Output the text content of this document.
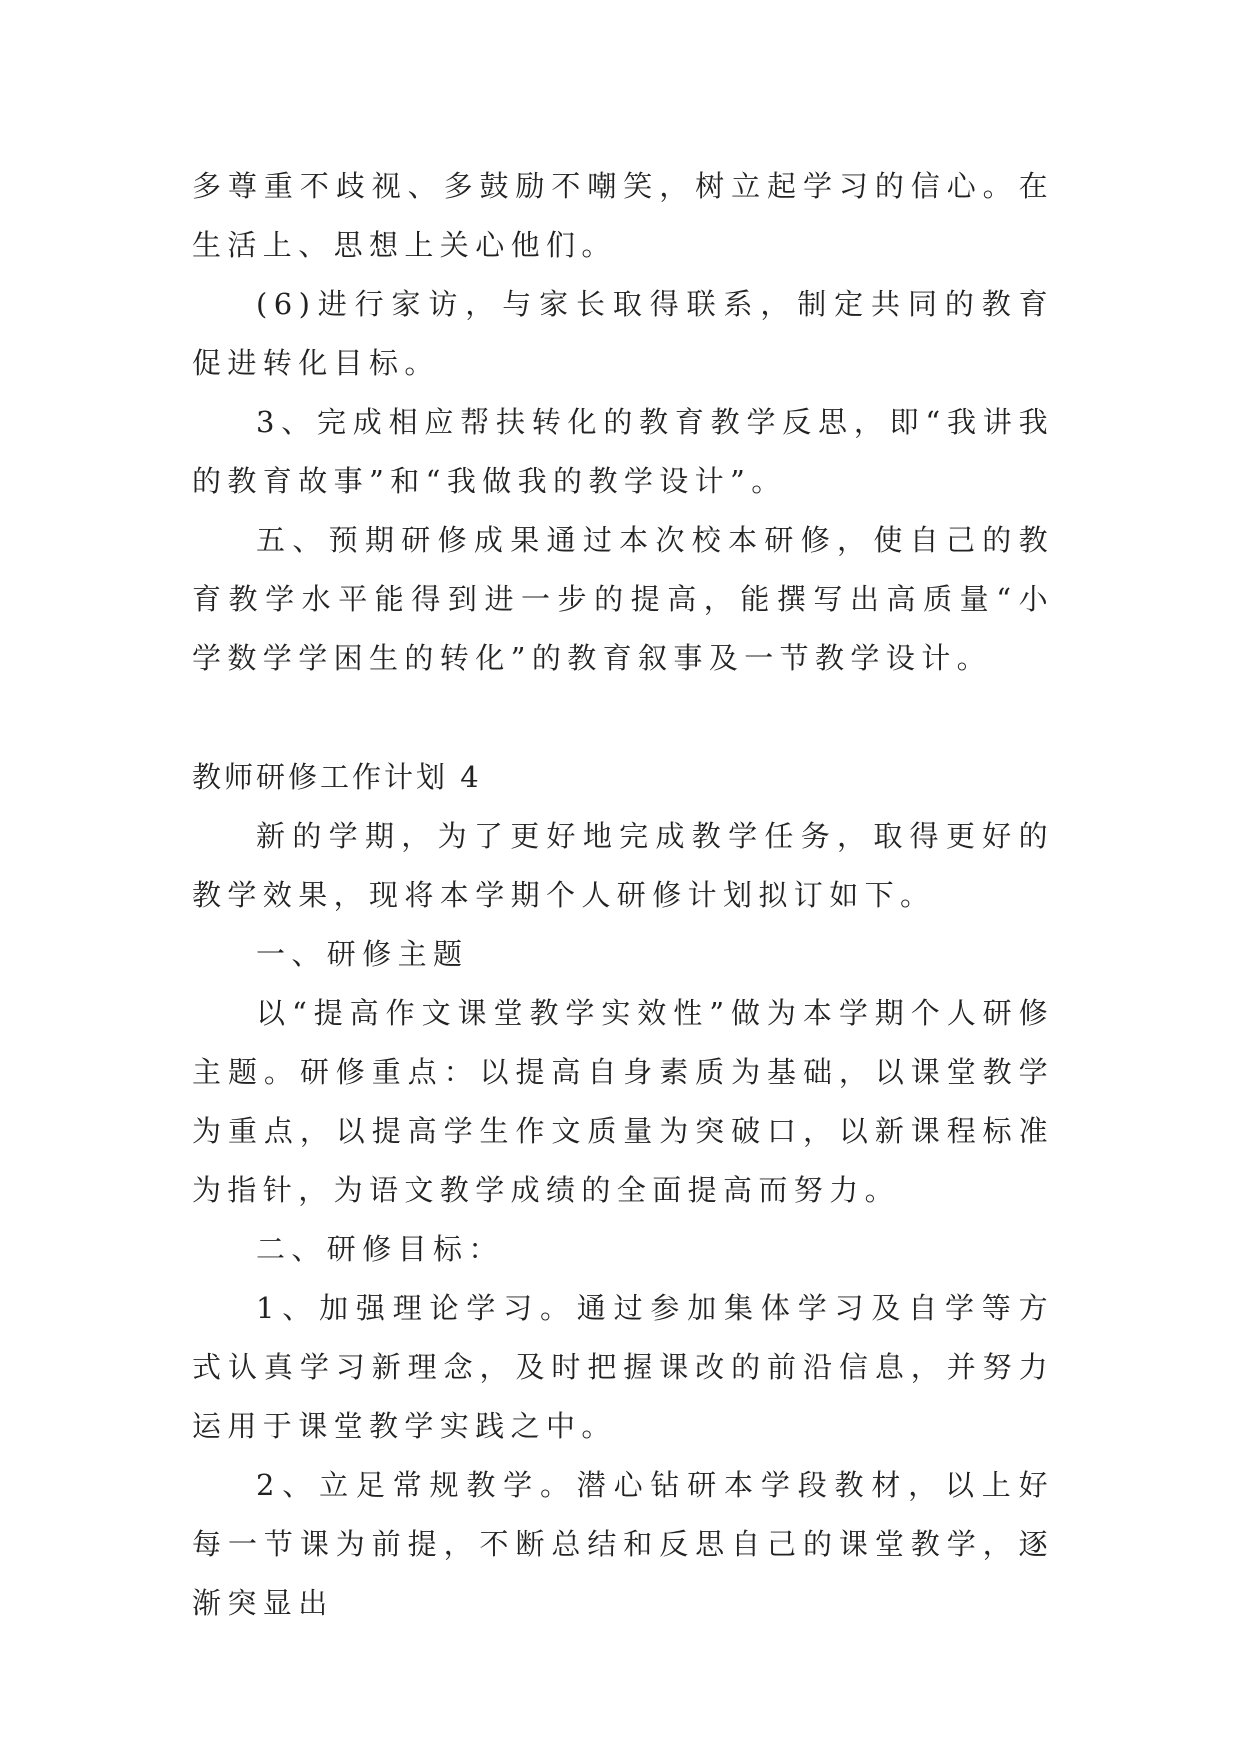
多尊重不歧视、多鼓励不嘲笑，树立起学习的信心。在生活上、思想上关心他们。

(6)进行家访，与家长取得联系，制定共同的教育促进转化目标。

3、完成相应帮扶转化的教育教学反思，即“我讲我的教育故事”和“我做我的教学设计”。

五、预期研修成果通过本次校本研修，使自己的教育教学水平能得到进一步的提高，能撰写出高质量“小学数学学困生的转化”的教育叙事及一节教学设计。

教师研修工作计划 4

新的学期，为了更好地完成教学任务，取得更好的教学效果，现将本学期个人研修计划拟订如下。

一、研修主题

以“提高作文课堂教学实效性”做为本学期个人研修主题。研修重点：以提高自身素质为基础，以课堂教学为重点，以提高学生作文质量为突破口，以新课程标准为指针，为语文教学成绩的全面提高而努力。

二、研修目标：

1、加强理论学习。通过参加集体学习及自学等方式认真学习新理念，及时把握课改的前沿信息，并努力运用于课堂教学实践之中。

2、立足常规教学。潜心钻研本学段教材，以上好每一节课为前提，不断总结和反思自己的课堂教学，逐渐突显出
